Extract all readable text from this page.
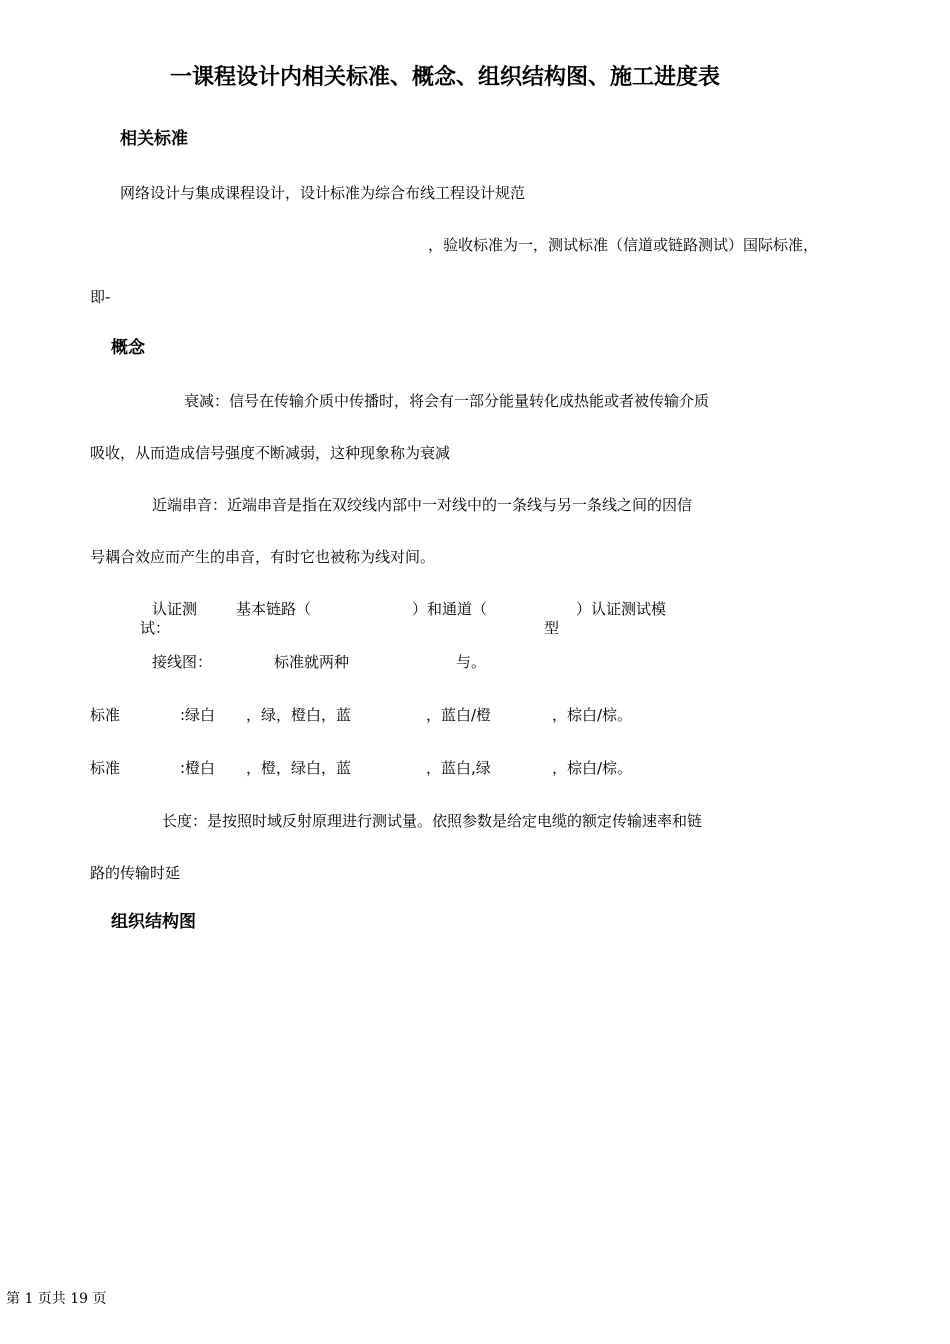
一课程设计内相关标准、概念、组织结构图、施工进度表
相关标准
网络设计与集成课程设计，设计标准为综合布线工程设计规范
，验收标准为一，测试标准（信道或链路测试）国际标准，
即-
概念
衰减：信号在传输介质中传播时，将会有一部分能量转化成热能或者被传输介质
吸收，从而造成信号强度不断减弱，这种现象称为衰减
近端串音：近端串音是指在双绞线内部中一对线中的一条线与另一条线之间的因信
号耦合效应而产生的串音，有时它也被称为线对间。
认证测
试：
基本链路（	）和通道（	）认证测试模
型
接线图：	标准就两种	与。
标准	:绿白 ，绿，橙白，蓝	，蓝白/橙	，棕白/棕。
标准	:橙白 ，橙，绿白，蓝	，蓝白,绿	，棕白/棕。
长度：是按照时域反射原理进行测试量。依照参数是给定电缆的额定传输速率和链
路的传输时延
组织结构图
第 1 页共 19 页
